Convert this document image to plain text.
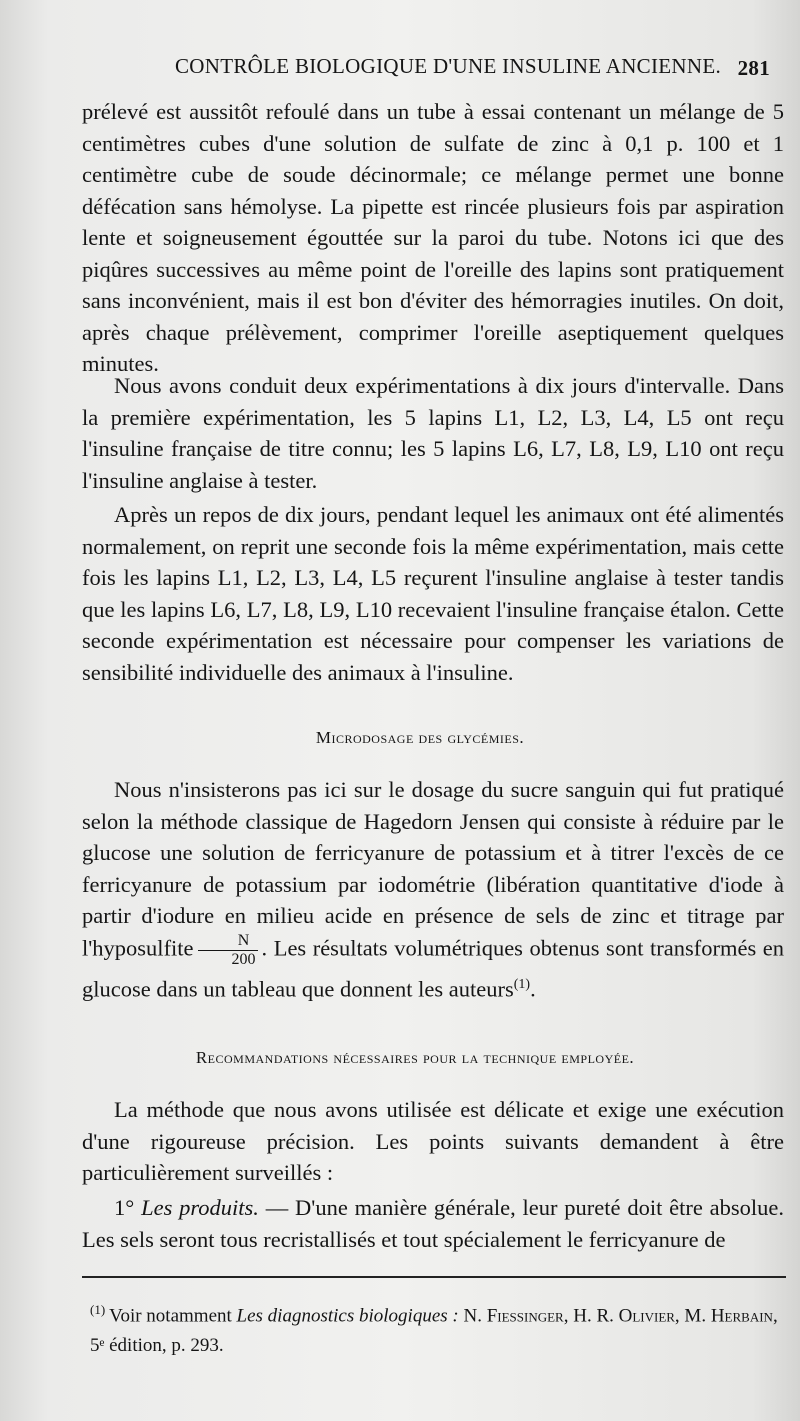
CONTRÔLE BIOLOGIQUE D'UNE INSULINE ANCIENNE. 281

prélevé est aussitôt refoulé dans un tube à essai contenant un mélange de 5 centimètres cubes d'une solution de sulfate de zinc à 0,1 p. 100 et 1 centimètre cube de soude décinormale; ce mélange permet une bonne défécation sans hémolyse. La pipette est rincée plusieurs fois par aspiration lente et soigneusement égouttée sur la paroi du tube. Notons ici que des piqûres successives au même point de l'oreille des lapins sont pratiquement sans inconvénient, mais il est bon d'éviter des hémorragies inutiles. On doit, après chaque prélèvement, comprimer l'oreille aseptiquement quelques minutes.

Nous avons conduit deux expérimentations à dix jours d'intervalle. Dans la première expérimentation, les 5 lapins L1, L2, L3, L4, L5 ont reçu l'insuline française de titre connu; les 5 lapins L6, L7, L8, L9, L10 ont reçu l'insuline anglaise à tester.

Après un repos de dix jours, pendant lequel les animaux ont été alimentés normalement, on reprit une seconde fois la même expérimentation, mais cette fois les lapins L1, L2, L3, L4, L5 reçurent l'insuline anglaise à tester tandis que les lapins L6, L7, L8, L9, L10 recevaient l'insuline française étalon. Cette seconde expérimentation est nécessaire pour compenser les variations de sensibilité individuelle des animaux à l'insuline.

Microdosage des glycémies.

Nous n'insisterons pas ici sur le dosage du sucre sanguin qui fut pratiqué selon la méthode classique de Hagedorn Jensen qui consiste à réduire par le glucose une solution de ferricyanure de potassium et à titrer l'excès de ce ferricyanure de potassium par iodométrie (libération quantitative d'iode à partir d'iodure en milieu acide en présence de sels de zinc et titrage par l'hyposulfite $\frac{N}{200}$ . Les résultats volumétriques obtenus sont transformés en glucose dans un tableau que donnent les auteurs$^{(1)}$.

Recommandations nécessaires pour la technique employée.

La méthode que nous avons utilisée est délicate et exige une exécution d'une rigoureuse précision. Les points suivants demandent à être particulièrement surveillés :

1° Les produits. — D'une manière générale, leur pureté doit être absolue. Les sels seront tous recristallisés et tout spécialement le ferricyanure de

$^{(1)}$ Voir notamment Les diagnostics biologiques : N. Fiessinger, H. R. Olivier, M. Herbain,
5ᵉ édition, p. 293.
